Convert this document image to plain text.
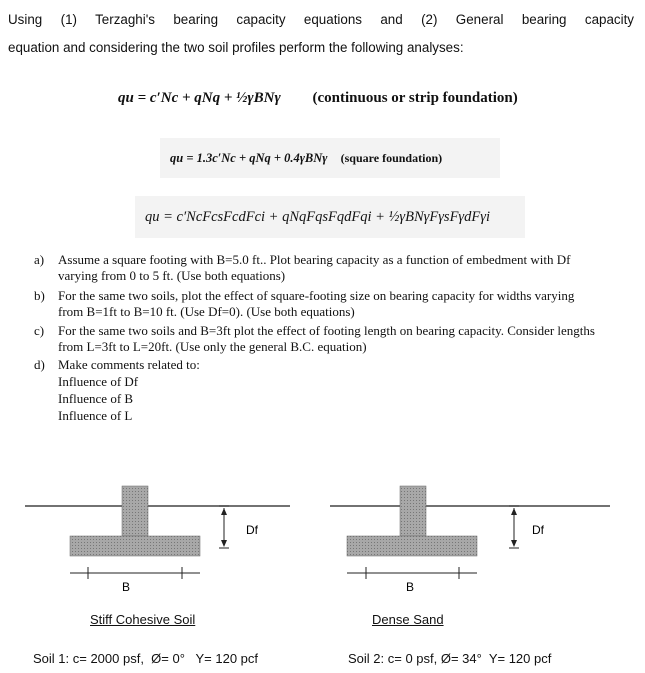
Using (1) Terzaghi's bearing capacity equations and (2) General bearing capacity
equation and considering the two soil profiles perform the following analyses:
qu = c′Nc + qNq + ½γBNγ (continuous or strip foundation)
qu = 1.3c′Nc + qNq + 0.4γBNγ (square foundation)
qu = c′NcFcsFcdFci + qNqFqsFqdFqi + ½γBNγFγsFγdFγi
a) Assume a square footing with B=5.0 ft.. Plot bearing capacity as a function of embedment with Df varying from 0 to 5 ft. (Use both equations)
b) For the same two soils, plot the effect of square-footing size on bearing capacity for widths varying from B=1ft to B=10 ft. (Use Df=0). (Use both equations)
c) For the same two soils and B=3ft plot the effect of footing length on bearing capacity. Consider lengths from L=3ft to L=20ft. (Use only the general B.C. equation)
d) Make comments related to:
Influence of Df
Influence of B
Influence of L
Df
B
Df
B
Stiff Cohesive Soil	Dense Sand
Soil 1: c= 2000 psf,  Ø= 0°   Y= 120 pcf	Soil 2: c= 0 psf, Ø= 34°  Y= 120 pcf
